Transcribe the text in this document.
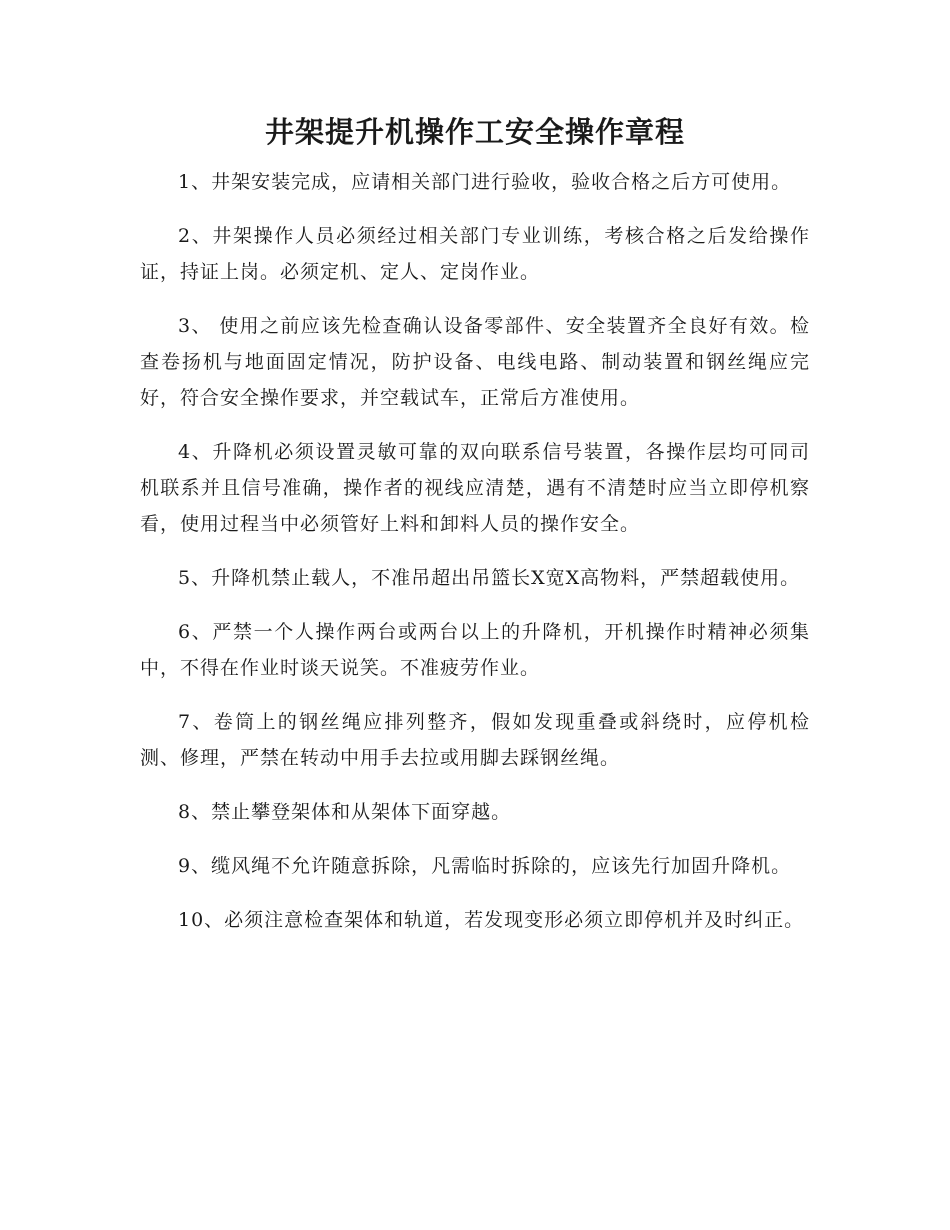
井架提升机操作工安全操作章程

1、井架安装完成，应请相关部门进行验收，验收合格之后方可使用。

2、井架操作人员必须经过相关部门专业训练，考核合格之后发给操作证，持证上岗。必须定机、定人、定岗作业。

3、 使用之前应该先检查确认设备零部件、安全装置齐全良好有效。检查卷扬机与地面固定情况，防护设备、电线电路、制动装置和钢丝绳应完好，符合安全操作要求，并空载试车，正常后方准使用。

4、升降机必须设置灵敏可靠的双向联系信号装置，各操作层均可同司机联系并且信号准确，操作者的视线应清楚，遇有不清楚时应当立即停机察看，使用过程当中必须管好上料和卸料人员的操作安全。

5、升降机禁止载人，不准吊超出吊篮长X宽X高物料，严禁超载使用。

6、严禁一个人操作两台或两台以上的升降机，开机操作时精神必须集中，不得在作业时谈天说笑。不准疲劳作业。

7、卷筒上的钢丝绳应排列整齐，假如发现重叠或斜绕时，应停机检测、修理，严禁在转动中用手去拉或用脚去踩钢丝绳。

8、禁止攀登架体和从架体下面穿越。

9、缆风绳不允许随意拆除，凡需临时拆除的，应该先行加固升降机。

10、必须注意检查架体和轨道，若发现变形必须立即停机并及时纠正。
